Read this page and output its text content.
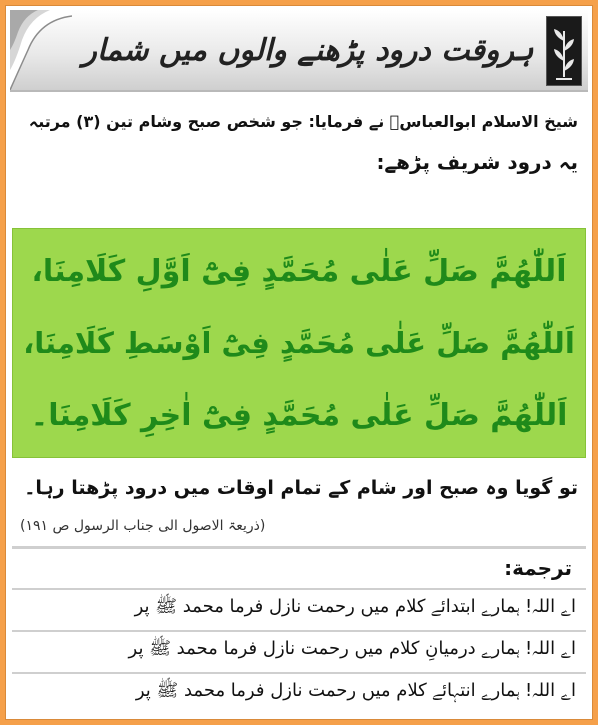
ہروقت درود پڑھنے والوں میں شمار
شیخ الاسلام ابوالعباسؒ نے فرمایا: جو شخص صبح وشام تین (۳) مرتبہ
یہ درود شریف پڑھے:
اَللّٰهُمَّ صَلِّ عَلٰى مُحَمَّدٍ فِىْٓ اَوَّلِ كَلَامِنَا،
اَللّٰهُمَّ صَلِّ عَلٰى مُحَمَّدٍ فِىْٓ اَوْسَطِ كَلَامِنَا،
اَللّٰهُمَّ صَلِّ عَلٰى مُحَمَّدٍ فِىْٓ اٰخِرِ كَلَامِنَا۔
تو گویا وہ صبح اور شام کے تمام اوقات میں درود پڑھتا رہا۔
(ذریعۃ الاصول الی جناب الرسول ص ۱۹۱)
ترجمة:
اے اللہ! ہمارے ابتدائے کلام میں رحمت نازل فرما محمد ﷺ پر
اے اللہ! ہمارے درمیانِ کلام میں رحمت نازل فرما محمد ﷺ پر
اے اللہ! ہمارے انتہائے کلام میں رحمت نازل فرما محمد ﷺ پر
